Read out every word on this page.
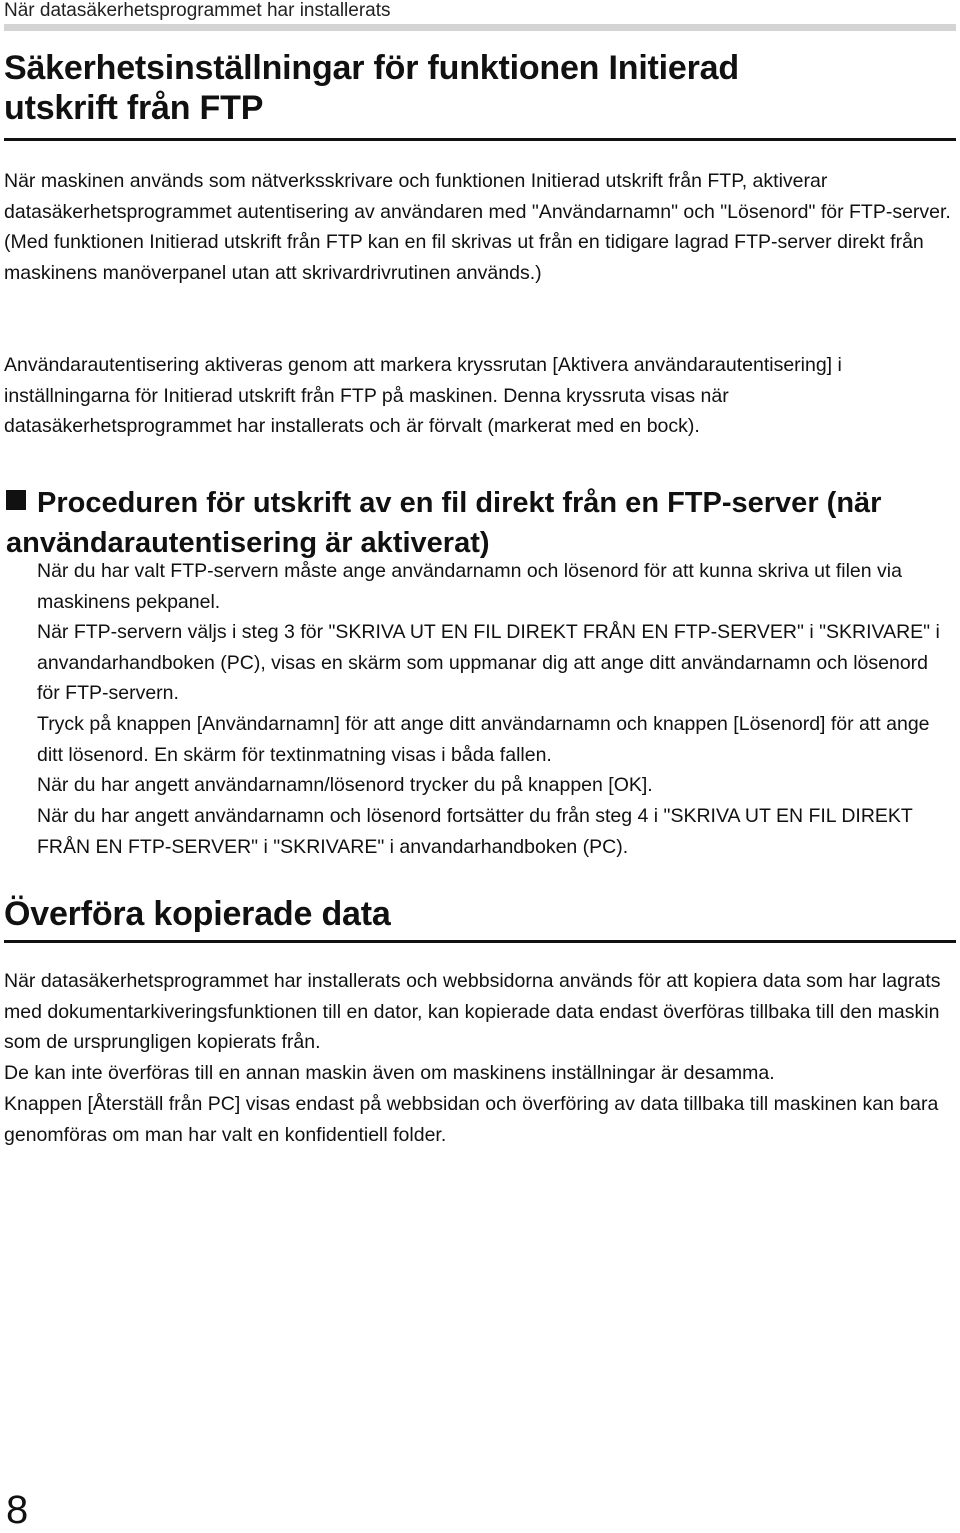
När datasäkerhetsprogrammet har installerats
Säkerhetsinställningar för funktionen Initierad
utskrift från FTP

När maskinen används som nätverksskrivare och funktionen Initierad utskrift från FTP, aktiverar datasäkerhetsprogrammet autentisering av användaren med "Användarnamn" och "Lösenord" för FTP-server. (Med funktionen Initierad utskrift från FTP kan en fil skrivas ut från en tidigare lagrad FTP-server direkt från maskinens manöverpanel utan att skrivardrivrutinen används.)

Användarautentisering aktiveras genom att markera kryssrutan [Aktivera användarautentisering] i inställningarna för Initierad utskrift från FTP på maskinen. Denna kryssruta visas när datasäkerhetsprogrammet har installerats och är förvalt (markerat med en bock).

Proceduren för utskrift av en fil direkt från en FTP-server (när användarautentisering är aktiverat)

När du har valt FTP-servern måste ange användarnamn och lösenord för att kunna skriva ut filen via maskinens pekpanel.

När FTP-servern väljs i steg 3 för "SKRIVA UT EN FIL DIREKT FRÅN EN FTP-SERVER" i "SKRIVARE" i anvandarhandboken (PC), visas en skärm som uppmanar dig att ange ditt användarnamn och lösenord för FTP-servern.

Tryck på knappen [Användarnamn] för att ange ditt användarnamn och knappen [Lösenord] för att ange ditt lösenord. En skärm för textinmatning visas i båda fallen.

När du har angett användarnamn/lösenord trycker du på knappen [OK].

När du har angett användarnamn och lösenord fortsätter du från steg 4 i "SKRIVA UT EN FIL DIREKT FRÅN EN FTP-SERVER" i "SKRIVARE" i anvandarhandboken (PC).

Överföra kopierade data

När datasäkerhetsprogrammet har installerats och webbsidorna används för att kopiera data som har lagrats med dokumentarkiveringsfunktionen till en dator, kan kopierade data endast överföras tillbaka till den maskin som de ursprungligen kopierats från.

De kan inte överföras till en annan maskin även om maskinens inställningar är desamma.

Knappen [Återställ från PC] visas endast på webbsidan och överföring av data tillbaka till maskinen kan bara genomföras om man har valt en konfidentiell folder.

8
